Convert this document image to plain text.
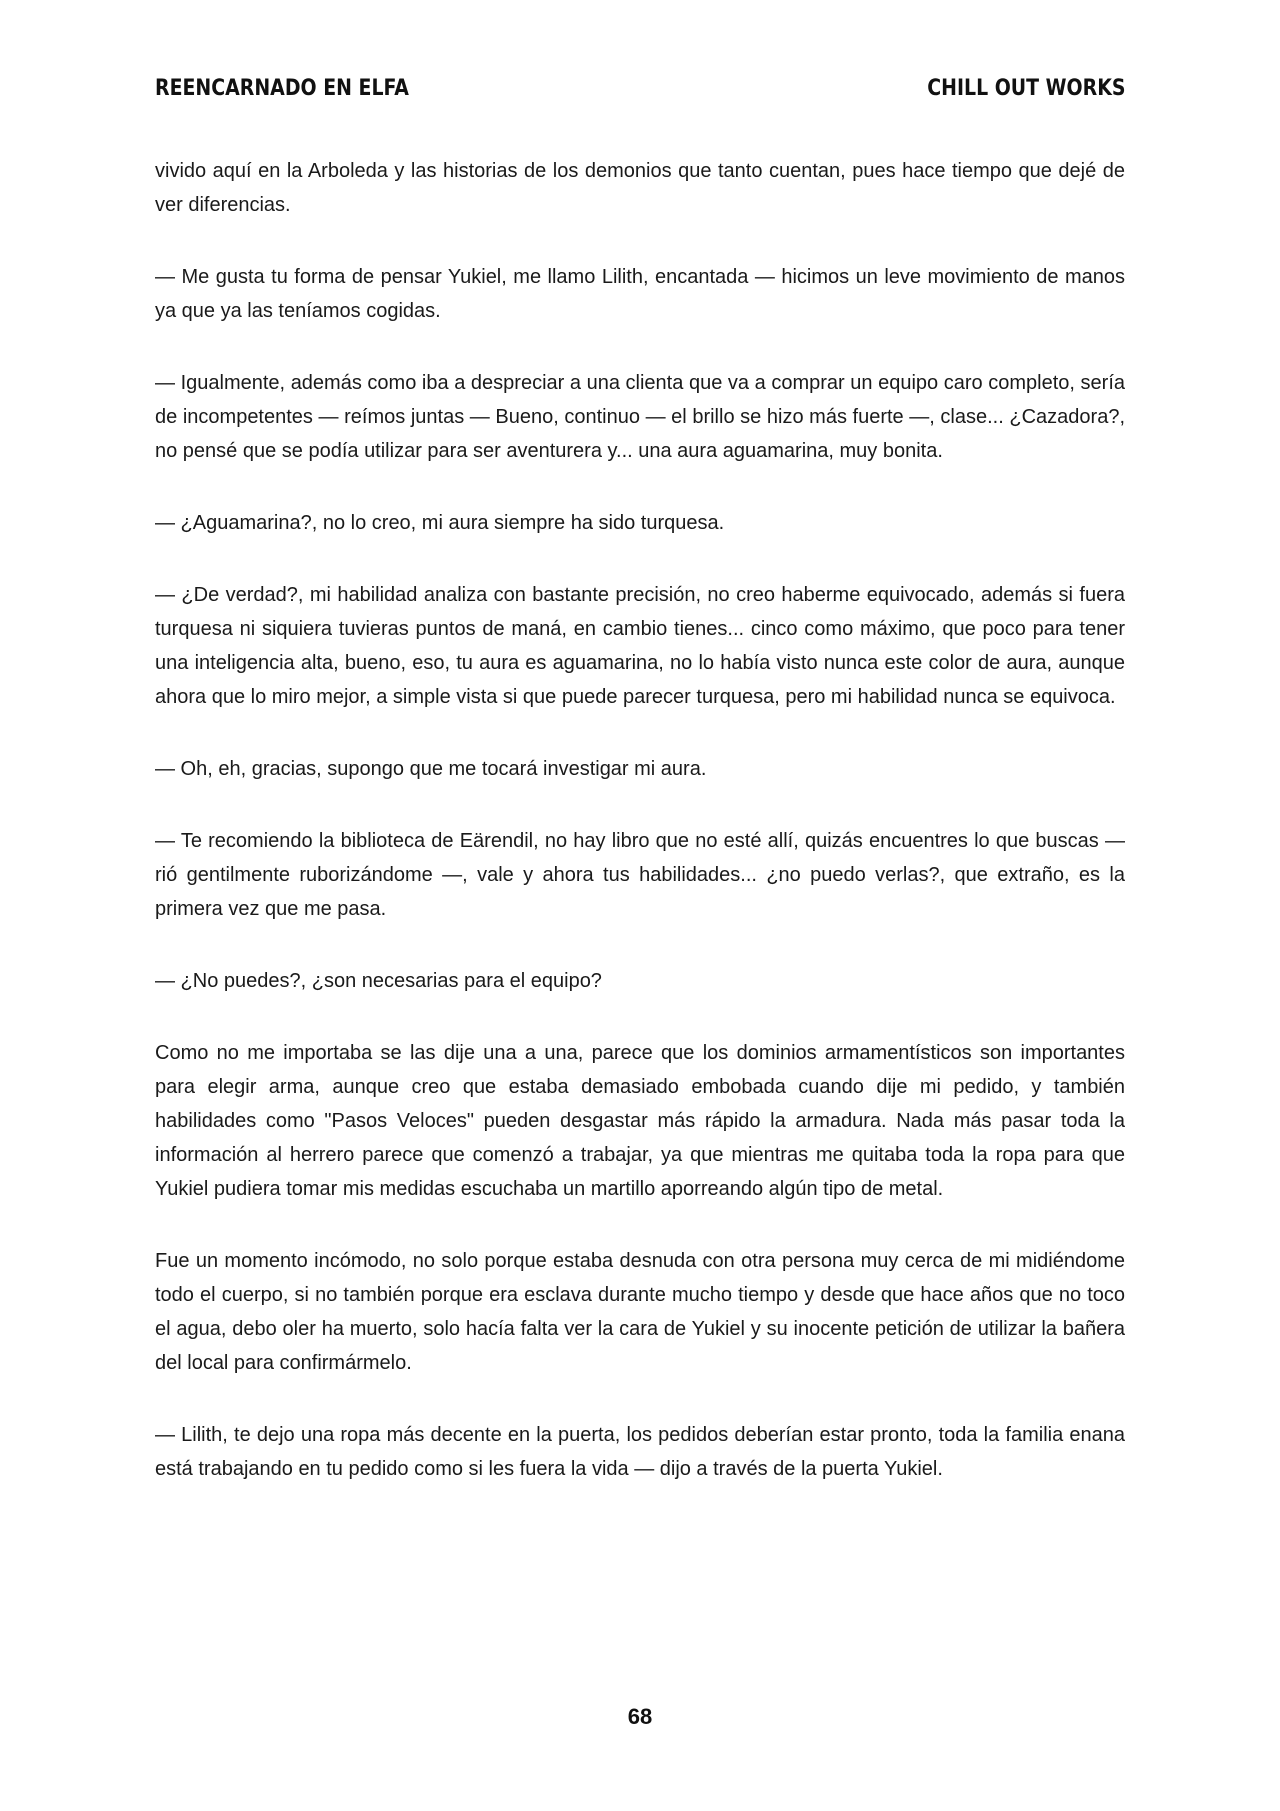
REENCARNADO EN ELFA	CHILL OUT WORKS

vivido aquí en la Arboleda y las historias de los demonios que tanto cuentan, pues hace tiempo que dejé de ver diferencias.

— Me gusta tu forma de pensar Yukiel, me llamo Lilith, encantada — hicimos un leve movimiento de manos ya que ya las teníamos cogidas.

— Igualmente, además como iba a despreciar a una clienta que va a comprar un equipo caro completo, sería de incompetentes — reímos juntas — Bueno, continuo — el brillo se hizo más fuerte —, clase... ¿Cazadora?, no pensé que se podía utilizar para ser aventurera y... una aura aguamarina, muy bonita.

— ¿Aguamarina?, no lo creo, mi aura siempre ha sido turquesa.

— ¿De verdad?, mi habilidad analiza con bastante precisión, no creo haberme equivocado, además si fuera turquesa ni siquiera tuvieras puntos de maná, en cambio tienes... cinco como máximo, que poco para tener una inteligencia alta, bueno, eso, tu aura es aguamarina, no lo había visto nunca este color de aura, aunque ahora que lo miro mejor, a simple vista si que puede parecer turquesa, pero mi habilidad nunca se equivoca.

— Oh, eh, gracias, supongo que me tocará investigar mi aura.

— Te recomiendo la biblioteca de Eärendil, no hay libro que no esté allí, quizás encuentres lo que buscas — rió gentilmente ruborizándome —, vale y ahora tus habilidades... ¿no puedo verlas?, que extraño, es la primera vez que me pasa.

— ¿No puedes?, ¿son necesarias para el equipo?

Como no me importaba se las dije una a una, parece que los dominios armamentísticos son importantes para elegir arma, aunque creo que estaba demasiado embobada cuando dije mi pedido, y también habilidades como "Pasos Veloces" pueden desgastar más rápido la armadura. Nada más pasar toda la información al herrero parece que comenzó a trabajar, ya que mientras me quitaba toda la ropa para que Yukiel pudiera tomar mis medidas escuchaba un martillo aporreando algún tipo de metal.

Fue un momento incómodo, no solo porque estaba desnuda con otra persona muy cerca de mi midiéndome todo el cuerpo, si no también porque era esclava durante mucho tiempo y desde que hace años que no toco el agua, debo oler ha muerto, solo hacía falta ver la cara de Yukiel y su inocente petición de utilizar la bañera del local para confirmármelo.

— Lilith, te dejo una ropa más decente en la puerta, los pedidos deberían estar pronto, toda la familia enana está trabajando en tu pedido como si les fuera la vida — dijo a través de la puerta Yukiel.

68
